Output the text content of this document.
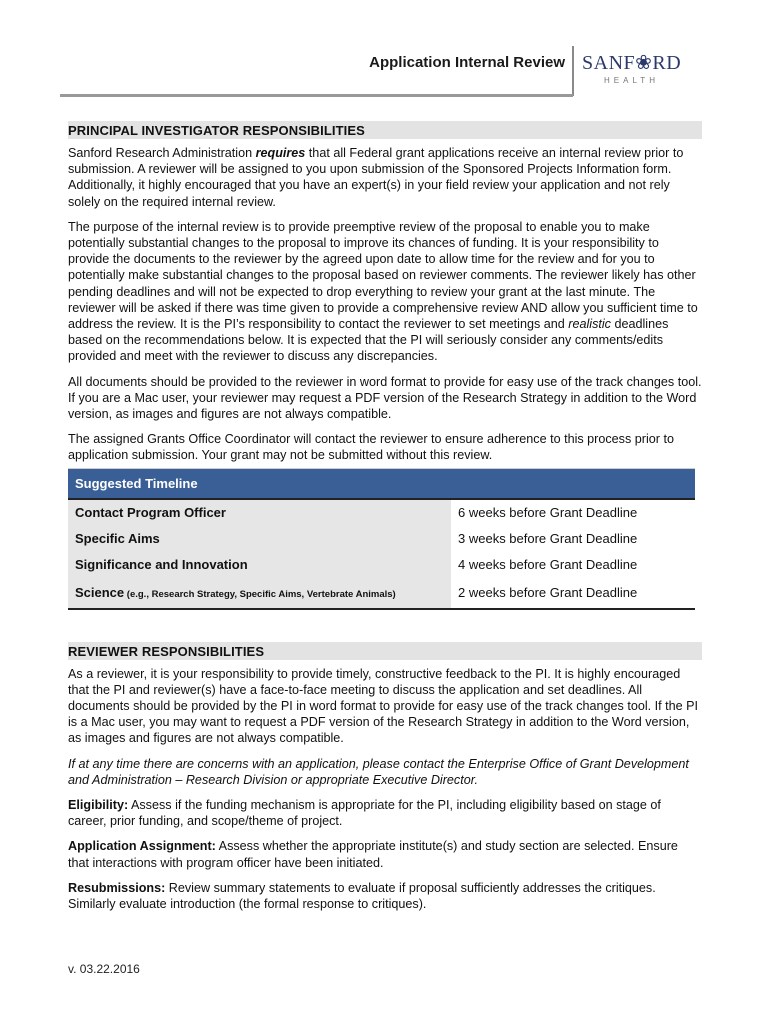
Application Internal Review SANF❀RD
HEALTH
PRINCIPAL INVESTIGATOR RESPONSIBILITIES

Sanford Research Administration requires that all Federal grant applications receive an internal review prior to submission. A reviewer will be assigned to you upon submission of the Sponsored Projects Information form. Additionally, it highly encouraged that you have an expert(s) in your field review your application and not rely solely on the required internal review.

The purpose of the internal review is to provide preemptive review of the proposal to enable you to make potentially substantial changes to the proposal to improve its chances of funding. It is your responsibility to provide the documents to the reviewer by the agreed upon date to allow time for the review and for you to potentially make substantial changes to the proposal based on reviewer comments. The reviewer likely has other pending deadlines and will not be expected to drop everything to review your grant at the last minute. The reviewer will be asked if there was time given to provide a comprehensive review AND allow you sufficient time to address the review. It is the PI’s responsibility to contact the reviewer to set meetings and realistic deadlines based on the recommendations below. It is expected that the PI will seriously consider any comments/edits provided and meet with the reviewer to discuss any discrepancies.

All documents should be provided to the reviewer in word format to provide for easy use of the track changes tool. If you are a Mac user, your reviewer may request a PDF version of the Research Strategy in addition to the Word version, as images and figures are not always compatible.

The assigned Grants Office Coordinator will contact the reviewer to ensure adherence to this process prior to application submission. Your grant may not be submitted without this review.

Suggested Timeline	
Contact Program Officer	6 weeks before Grant Deadline
Specific Aims	3 weeks before Grant Deadline
Significance and Innovation	4 weeks before Grant Deadline
Science (e.g., Research Strategy, Specific Aims, Vertebrate Animals)	2 weeks before Grant Deadline
REVIEWER RESPONSIBILITIES

As a reviewer, it is your responsibility to provide timely, constructive feedback to the PI. It is highly encouraged that the PI and reviewer(s) have a face-to-face meeting to discuss the application and set deadlines. All documents should be provided by the PI in word format to provide for easy use of the track changes tool. If the PI is a Mac user, you may want to request a PDF version of the Research Strategy in addition to the Word version, as images and figures are not always compatible.

If at any time there are concerns with an application, please contact the Enterprise Office of Grant Development and Administration – Research Division or appropriate Executive Director.

Eligibility: Assess if the funding mechanism is appropriate for the PI, including eligibility based on stage of career, prior funding, and scope/theme of project.

Application Assignment: Assess whether the appropriate institute(s) and study section are selected. Ensure that interactions with program officer have been initiated.

Resubmissions: Review summary statements to evaluate if proposal sufficiently addresses the critiques. Similarly evaluate introduction (the formal response to critiques).

v. 03.22.2016
